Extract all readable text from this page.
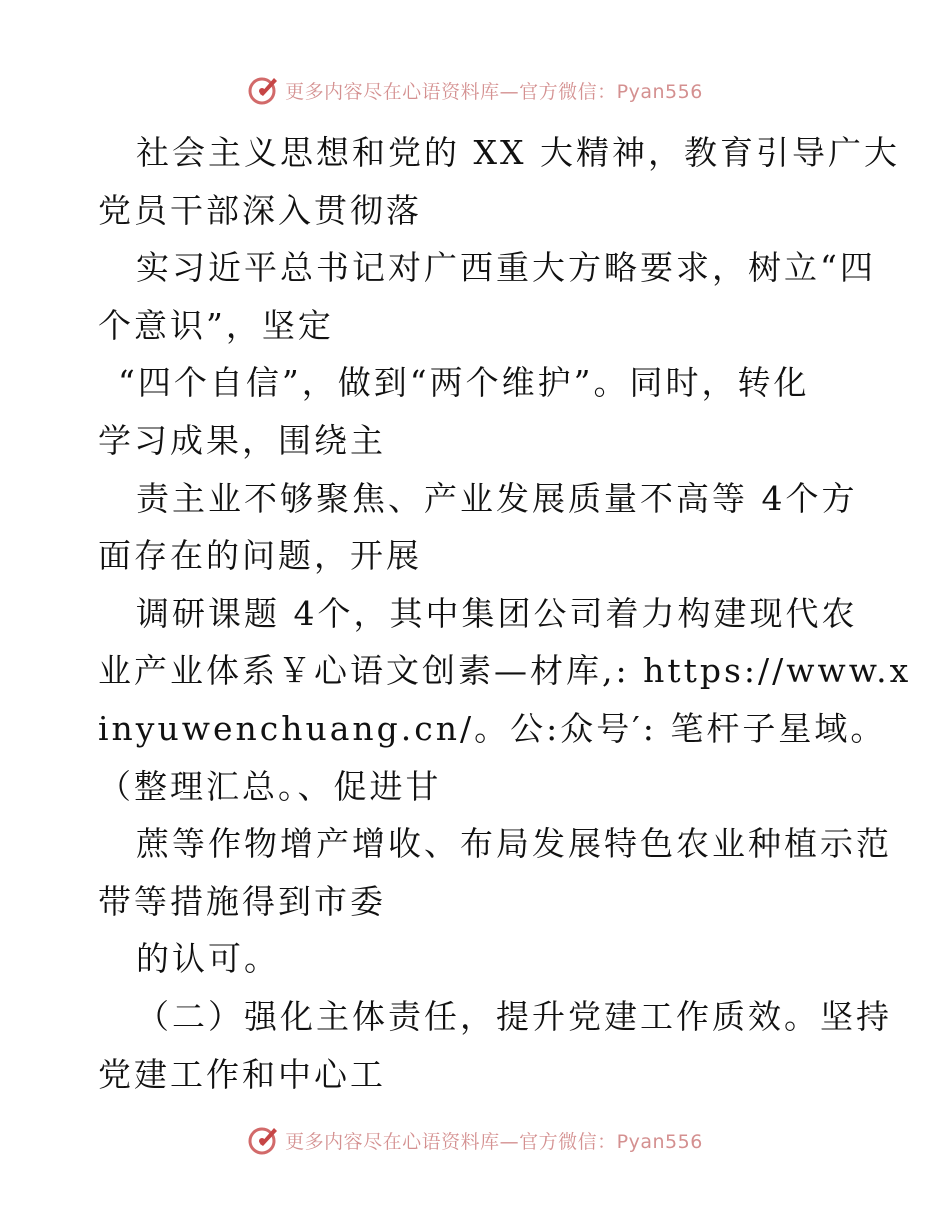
更多内容尽在心语资料库—官方微信：Pyan556
社会主义思想和党的 XX 大精神，教育引导广大
党员干部深入贯彻落
实习近平总书记对广西重大方略要求，树立“四
个意识”，坚定
“四个自信”，做到“两个维护”。同时，转化
学习成果，围绕主
责主业不够聚焦、产业发展质量不高等 4个方
面存在的问题，开展
调研课题 4个，其中集团公司着力构建现代农
业产业体系￥心语文创素—材库,: https://www.x
inyuwenchuang.cn/。公:众号′: 笔杆子星域。
（整理汇总。、促进甘
蔗等作物增产增收、布局发展特色农业种植示范
带等措施得到市委
的认可。
（二）强化主体责任，提升党建工作质效。坚持
党建工作和中心工
更多内容尽在心语资料库—官方微信：Pyan556
